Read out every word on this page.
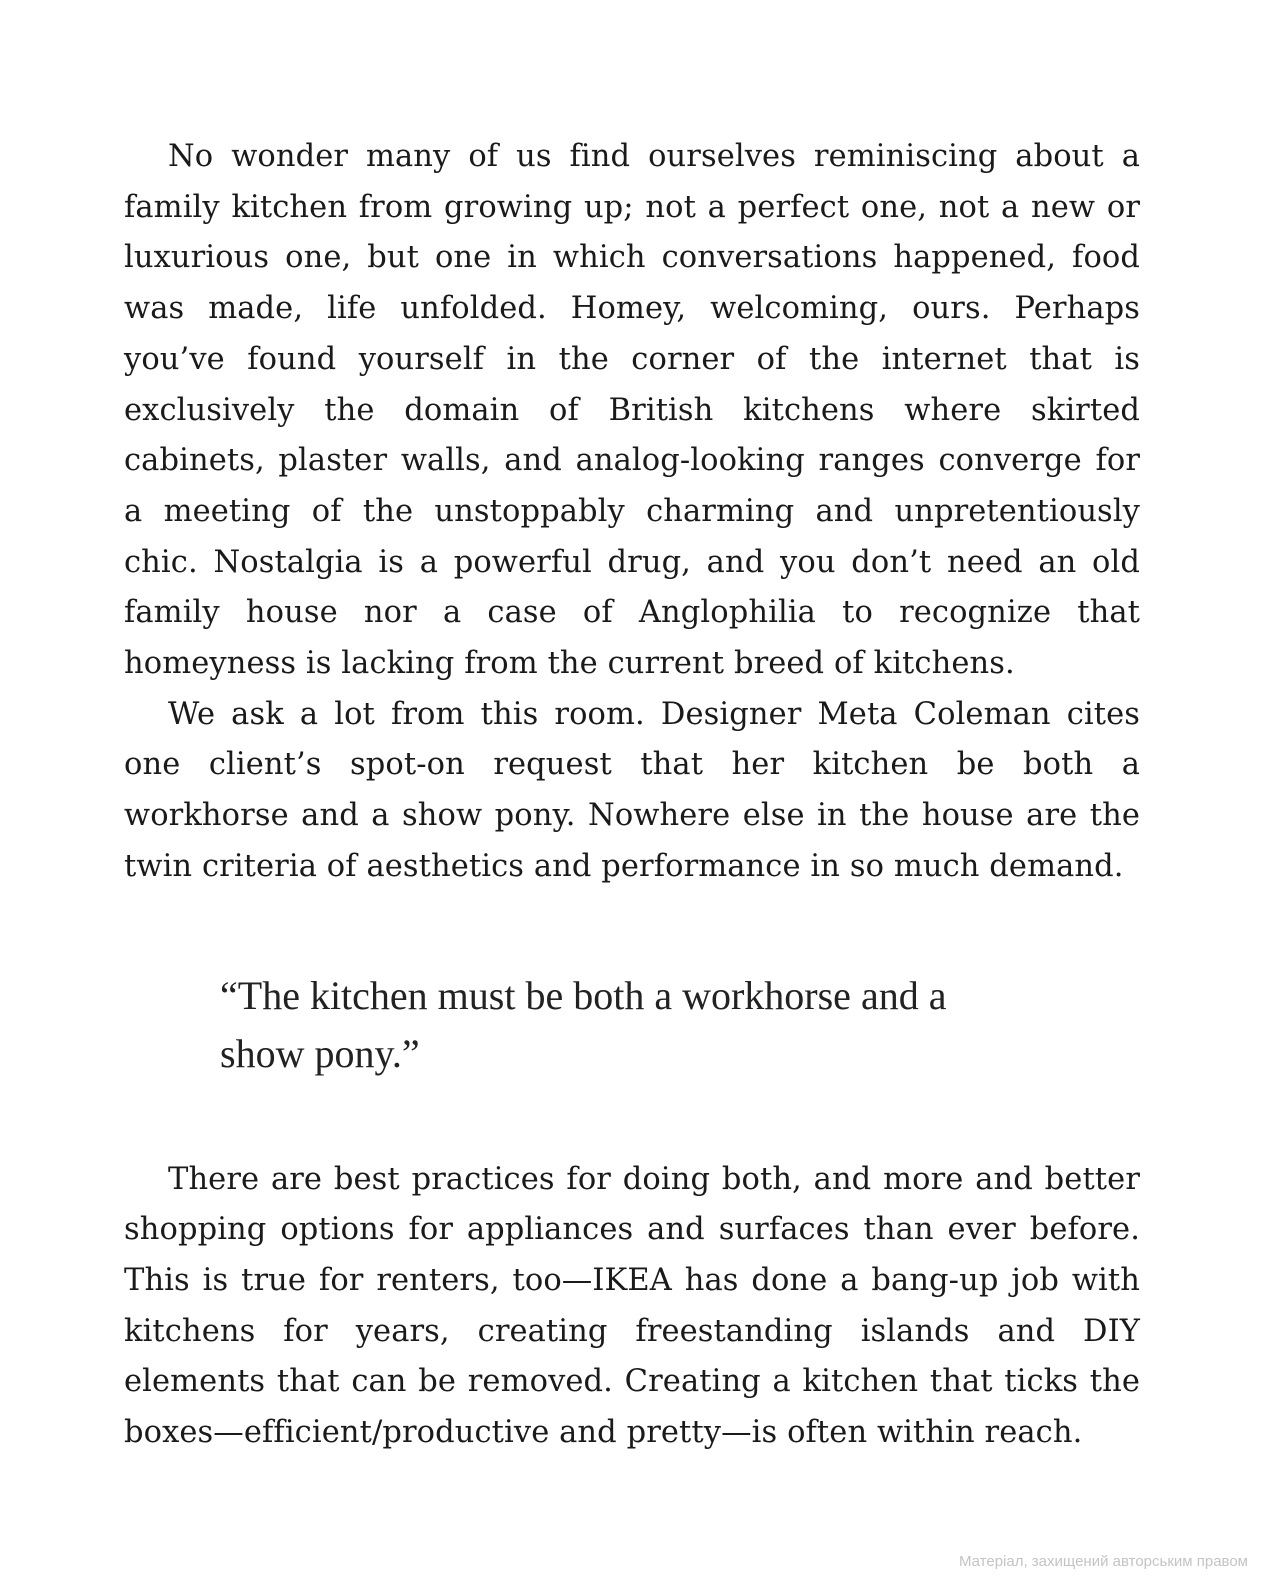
No wonder many of us find ourselves reminiscing about a family kitchen from growing up; not a perfect one, not a new or luxurious one, but one in which conversations happened, food was made, life unfolded. Homey, welcoming, ours. Perhaps you’ve found yourself in the corner of the internet that is exclusively the domain of British kitchens where skirted cabinets, plaster walls, and analog-looking ranges converge for a meeting of the unstoppably charming and unpretentiously chic. Nostalgia is a powerful drug, and you don’t need an old family house nor a case of Anglophilia to recognize that homeyness is lacking from the current breed of kitchens.

We ask a lot from this room. Designer Meta Coleman cites one client’s spot-on request that her kitchen be both a workhorse and a show pony. Nowhere else in the house are the twin criteria of aesthetics and performance in so much demand.

“The kitchen must be both a workhorse and a show pony.”

There are best practices for doing both, and more and better shopping options for appliances and surfaces than ever before. This is true for renters, too—IKEA has done a bang-up job with kitchens for years, creating freestanding islands and DIY elements that can be removed. Creating a kitchen that ticks the boxes—efficient/productive and pretty—is often within reach.

Матеріал, захищений авторським правом
